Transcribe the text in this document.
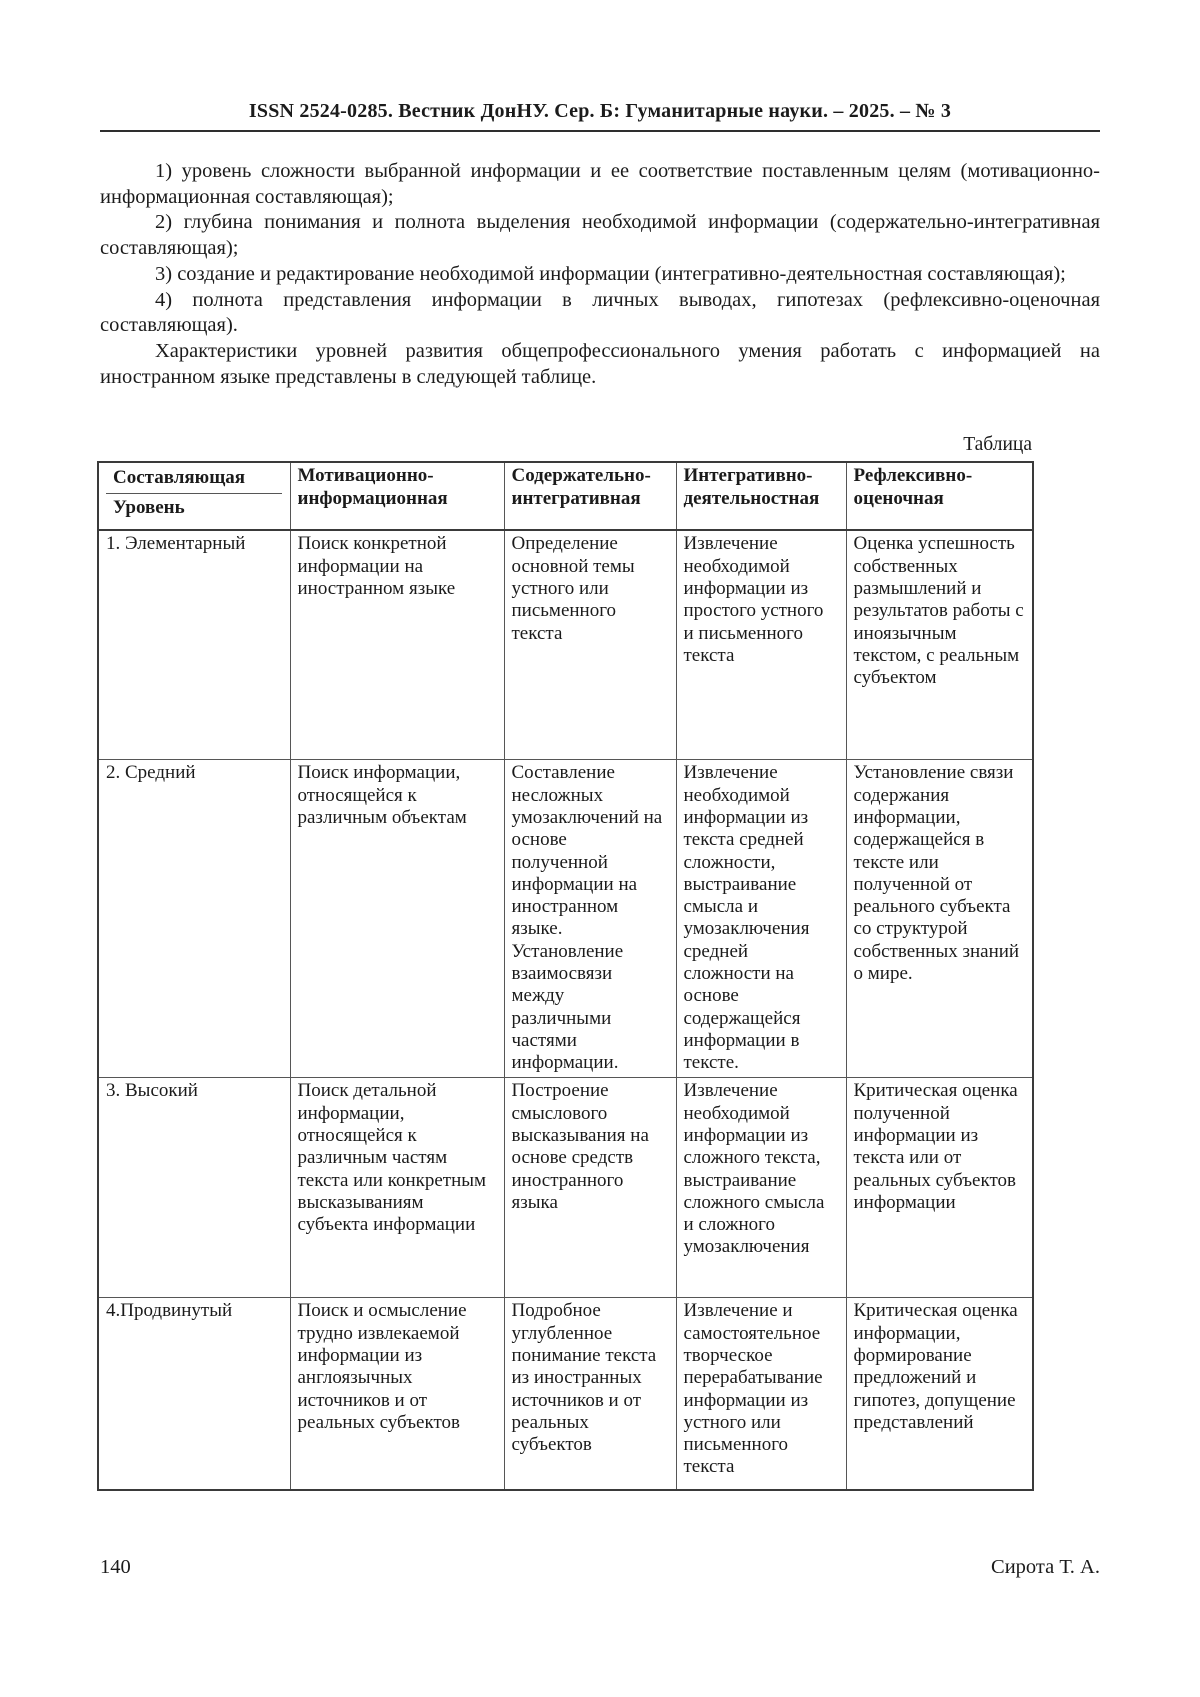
ISSN 2524-0285. Вестник ДонНУ. Сер. Б: Гуманитарные науки. – 2025. – № 3

1) уровень сложности выбранной информации и ее соответствие поставленным целям (мотивационно-информационная составляющая);

2) глубина понимания и полнота выделения необходимой информации (содержательно-интегративная составляющая);

3) создание и редактирование необходимой информации (интегративно-деятельностная составляющая);

4) полнота представления информации в личных выводах, гипотезах (рефлексивно-оценочная составляющая).

Характеристики уровней развития общепрофессионального умения работать с информацией на иностранном языке представлены в следующей таблице.

Таблица
Составляющая
Уровень	Мотивационно-информационная	Содержательно-интегративная	Интегративно-деятельностная	Рефлексивно-оценочная
1. Элементарный	Поиск конкретной информации на иностранном языке	Определение основной темы устного или письменного текста	Извлечение необходимой информации из простого устного и письменного текста	Оценка успешность собственных размышлений и результатов работы с иноязычным текстом, с реальным субъектом
2. Средний	Поиск информации, относящейся к различным объектам	Составление несложных умозаключений на основе полученной информации на иностранном языке. Установление взаимосвязи между различными частями информации.	Извлечение необходимой информации из текста средней сложности, выстраивание смысла и умозаключения средней сложности на основе содержащейся информации в тексте.	Установление связи содержания информации, содержащейся в тексте или полученной от реального субъекта со структурой собственных знаний о мире.
3. Высокий	Поиск детальной информации, относящейся к различным частям текста или конкретным высказываниям субъекта информации	Построение смыслового высказывания на основе средств иностранного языка	Извлечение необходимой информации из сложного текста, выстраивание сложного смысла и сложного умозаключения	Критическая оценка полученной информации из текста или от реальных субъектов информации
4.Продвинутый	Поиск и осмысление трудно извлекаемой информации из англоязычных источников и от реальных субъектов	Подробное углубленное понимание текста из иностранных источников и от реальных субъектов	Извлечение и самостоятельное творческое перерабатывание информации из устного или письменного текста	Критическая оценка информации, формирование предложений и гипотез, допущение представлений
140	Сирота Т. А.
